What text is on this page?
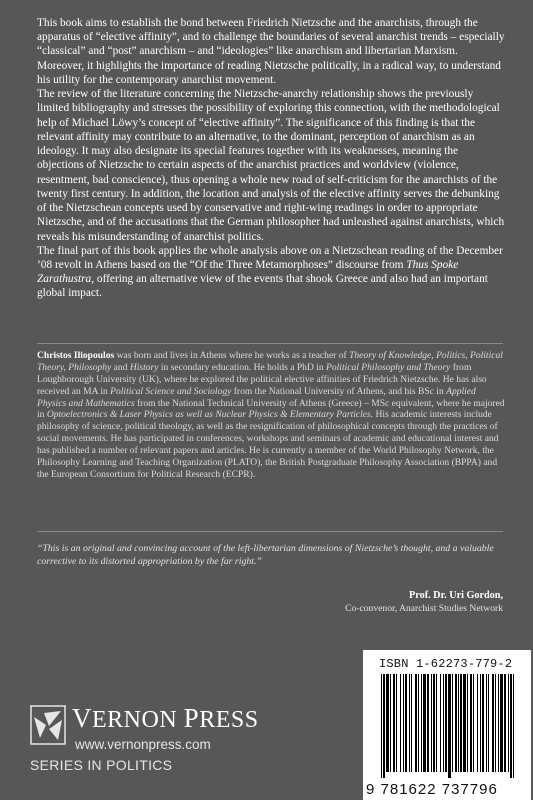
This book aims to establish the bond between Friedrich Nietzsche and the anarchists, through the apparatus of “elective affinity”, and to challenge the boundaries of several anarchist trends – especially “classical” and “post” anarchism – and “ideologies” like anarchism and libertarian Marxism. Moreover, it highlights the importance of reading Nietzsche politically, in a radical way, to understand his utility for the contemporary anarchist movement.

The review of the literature concerning the Nietzsche-anarchy relationship shows the previously limited bibliography and stresses the possibility of exploring this connection, with the methodological help of Michael Löwy’s concept of “elective affinity”. The significance of this finding is that the relevant affinity may contribute to an alternative, to the dominant, perception of anarchism as an ideology. It may also designate its special features together with its weaknesses, meaning the objections of Nietzsche to certain aspects of the anarchist practices and worldview (violence, resentment, bad conscience), thus opening a whole new road of self-criticism for the anarchists of the twenty first century. In addition, the location and analysis of the elective affinity serves the debunking of the Nietzschean concepts used by conservative and right-wing readings in order to appropriate Nietzsche, and of the accusations that the German philosopher had unleashed against anarchists, which reveals his misunderstanding of anarchist politics.

The final part of this book applies the whole analysis above on a Nietzschean reading of the December ’08 revolt in Athens based on the “Of the Three Metamorphoses” discourse from Thus Spoke Zarathustra, offering an alternative view of the events that shook Greece and also had an important global impact.

Christos Iliopoulos was born and lives in Athens where he works as a teacher of Theory of Knowledge, Politics, Political Theory, Philosophy and History in secondary education. He holds a PhD in Political Philosophy and Theory from Loughborough University (UK), where he explored the political elective affinities of Friedrich Nietzsche. He has also received an MA in Political Science and Sociology from the National University of Athens, and his BSc in Applied Physics and Mathematics from the National Technical University of Athens (Greece) – MSc equivalent, where he majored in Optoelectronics & Laser Physics as well as Nuclear Physics & Elementary Particles. His academic interests include philosophy of science, political theology, as well as the resignification of philosophical concepts through the practices of social movements. He has participated in conferences, workshops and seminars of academic and educational interest and has published a number of relevant papers and articles. He is currently a member of the World Philosophy Network, the Philosophy Learning and Teaching Organization (PLATO), the British Postgraduate Philosophy Association (BPPA) and the European Consortium for Political Research (ECPR).
“This is an original and convincing account of the left-libertarian dimensions of Nietzsche’s thought, and a valuable corrective to its distorted appropriation by the far right.”
Prof. Dr. Uri Gordon,
Co-convenor, Anarchist Studies Network
VERNON PRESS
www.vernonpress.com
SERIES IN POLITICS
ISBN 1-62273-779-2
9 781622 737796
